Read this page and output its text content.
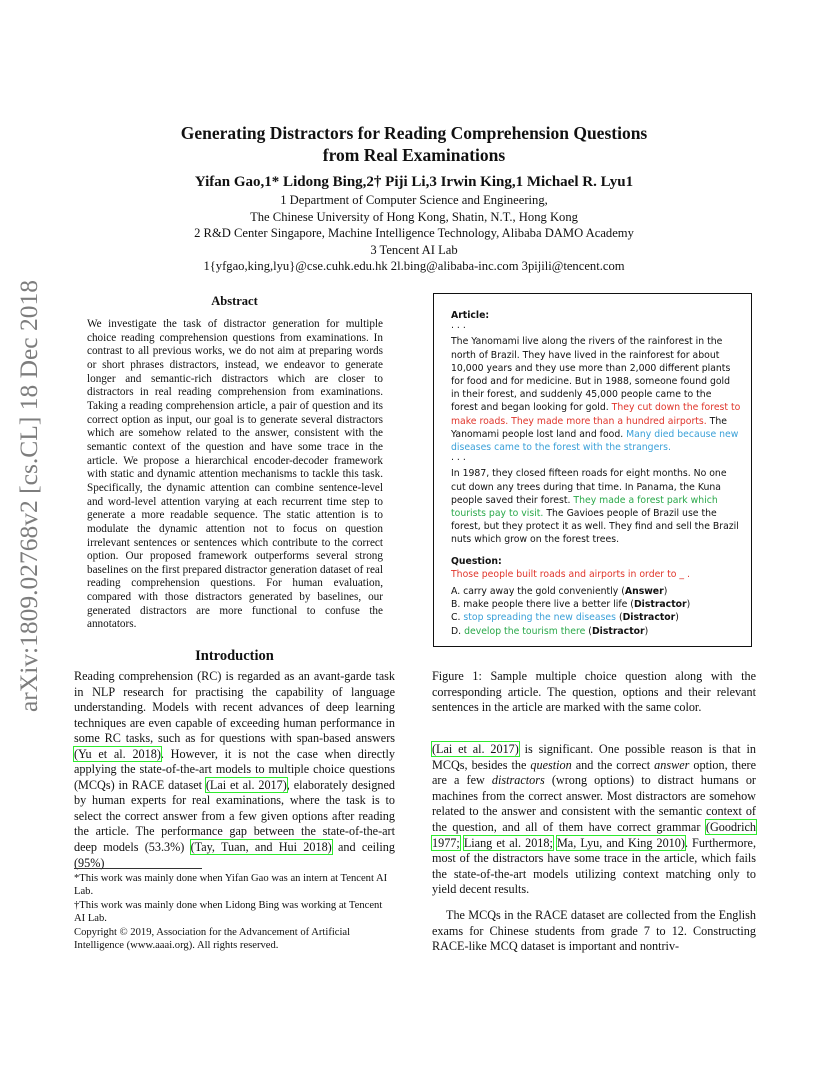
arXiv:1809.02768v2 [cs.CL] 18 Dec 2018
Generating Distractors for Reading Comprehension Questions
from Real Examinations
Yifan Gao,1* Lidong Bing,2† Piji Li,3 Irwin King,1 Michael R. Lyu1
1 Department of Computer Science and Engineering,
The Chinese University of Hong Kong, Shatin, N.T., Hong Kong
2 R&D Center Singapore, Machine Intelligence Technology, Alibaba DAMO Academy
3 Tencent AI Lab
1{yfgao,king,lyu}@cse.cuhk.edu.hk 2l.bing@alibaba-inc.com 3pijili@tencent.com
Abstract

We investigate the task of distractor generation for multiple choice reading comprehension questions from examinations. In contrast to all previous works, we do not aim at preparing words or short phrases distractors, instead, we endeavor to generate longer and semantic-rich distractors which are closer to distractors in real reading comprehension from examinations. Taking a reading comprehension article, a pair of question and its correct option as input, our goal is to generate several distractors which are somehow related to the answer, consistent with the semantic context of the question and have some trace in the article. We propose a hierarchical encoder-decoder framework with static and dynamic attention mechanisms to tackle this task. Specifically, the dynamic attention can combine sentence-level and word-level attention varying at each recurrent time step to generate a more readable sequence. The static attention is to modulate the dynamic attention not to focus on question irrelevant sentences or sentences which contribute to the correct option. Our proposed framework outperforms several strong baselines on the first prepared distractor generation dataset of real reading comprehension questions. For human evaluation, compared with those distractors generated by baselines, our generated distractors are more functional to confuse the annotators.

Introduction

Reading comprehension (RC) is regarded as an avant-garde task in NLP research for practising the capability of language understanding. Models with recent advances of deep learning techniques are even capable of exceeding human performance in some RC tasks, such as for questions with span-based answers (Yu et al. 2018). However, it is not the case when directly applying the state-of-the-art models to multiple choice questions (MCQs) in RACE dataset (Lai et al. 2017), elaborately designed by human experts for real examinations, where the task is to select the correct answer from a few given options after reading the article. The performance gap between the state-of-the-art deep models (53.3%) (Tay, Tuan, and Hui 2018) and ceiling (95%)

*This work was mainly done when Yifan Gao was an intern at Tencent AI Lab.

†This work was mainly done when Lidong Bing was working at Tencent AI Lab.

Copyright © 2019, Association for the Advancement of Artificial Intelligence (www.aaai.org). All rights reserved.

Article:

· · ·

The Yanomami live along the rivers of the rainforest in the north of Brazil. They have lived in the rainforest for about 10,000 years and they use more than 2,000 different plants for food and for medicine. But in 1988, someone found gold in their forest, and suddenly 45,000 people came to the forest and began looking for gold. They cut down the forest to make roads. They made more than a hundred airports. The Yanomami people lost land and food. Many died because new diseases came to the forest with the strangers.

· · ·

In 1987, they closed fifteen roads for eight months. No one cut down any trees during that time. In Panama, the Kuna people saved their forest. They made a forest park which tourists pay to visit. The Gavioes people of Brazil use the forest, but they protect it as well. They find and sell the Brazil nuts which grow on the forest trees.

Question:

Those people built roads and airports in order to _ .

A. carry away the gold conveniently (Answer)

B. make people there live a better life (Distractor)

C. stop spreading the new diseases (Distractor)

D. develop the tourism there (Distractor)

Figure 1: Sample multiple choice question along with the corresponding article. The question, options and their relevant sentences in the article are marked with the same color.

(Lai et al. 2017) is significant. One possible reason is that in MCQs, besides the question and the correct answer option, there are a few distractors (wrong options) to distract humans or machines from the correct answer. Most distractors are somehow related to the answer and consistent with the semantic context of the question, and all of them have correct grammar (Goodrich 1977; Liang et al. 2018; Ma, Lyu, and King 2010). Furthermore, most of the distractors have some trace in the article, which fails the state-of-the-art models utilizing context matching only to yield decent results.

The MCQs in the RACE dataset are collected from the English exams for Chinese students from grade 7 to 12. Constructing RACE-like MCQ dataset is important and nontriv-
